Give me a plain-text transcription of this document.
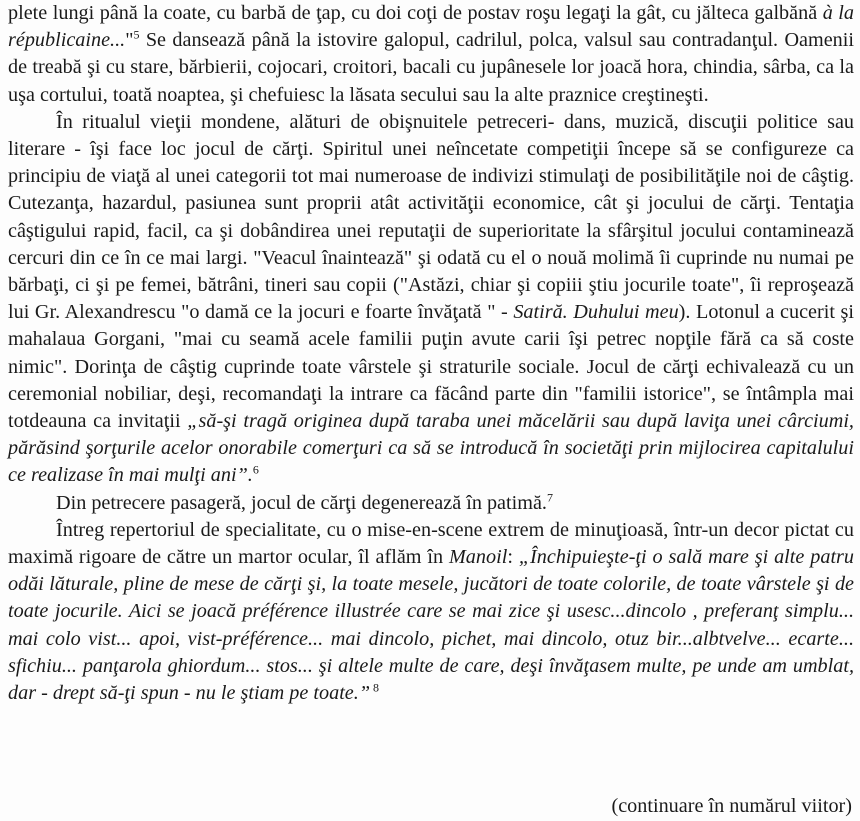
plete lungi până la coate, cu barbă de ţap, cu doi coţi de postav roşu legaţi la gât, cu jălteca galbănă à la républicaine..."$^5$ Se dansează până la istovire galopul, cadrilul, polca, valsul sau contradanţul. Oamenii de treabă şi cu stare, bărbierii, cojocari, croitori, bacali cu jupânesele lor joacă hora, chindia, sârba, ca la uşa cortului, toată noaptea, şi chefuiesc la lăsata secului sau la alte praznice creştineşti.

În ritualul vieţii mondene, alături de obişnuitele petreceri- dans, muzică, discuţii politice sau literare - îşi face loc jocul de cărţi. Spiritul unei neîncetate competiţii începe să se configureze ca principiu de viaţă al unei categorii tot mai numeroase de indivizi stimulaţi de posibilităţile noi de câştig. Cutezanţa, hazardul, pasiunea sunt proprii atât activităţii economice, cât şi jocului de cărţi. Tentaţia câştigului rapid, facil, ca şi dobândirea unei reputaţii de superioritate la sfârşitul jocului contaminează cercuri din ce în ce mai largi. "Veacul înaintează" şi odată cu el o nouă molimă îi cuprinde nu numai pe bărbaţi, ci şi pe femei, bătrâni, tineri sau copii ("Astăzi, chiar şi copiii ştiu jocurile toate", îi reproşează lui Gr. Alexandrescu "o damă ce la jocuri e foarte învăţată " - Satiră. Duhului meu). Lotonul a cucerit şi mahalaua Gorgani, "mai cu seamă acele familii puţin avute carii îşi petrec nopţile fără ca să coste nimic". Dorinţa de câştig cuprinde toate vârstele şi straturile sociale. Jocul de cărţi echivalează cu un ceremonial nobiliar, deşi, recomandaţi la intrare ca făcând parte din "familii istorice", se întâmpla mai totdeauna ca invitaţii „să-şi tragă originea după taraba unei măcelării sau după laviţa unei cârciumi, părăsind şorţurile acelor onorabile comerţuri ca să se introducă în societăţi prin mijlocirea capitalului ce realizase în mai mulţi ani”.$^6$

Din petrecere pasageră, jocul de cărţi degenerează în patimă.$^7$

Întreg repertoriul de specialitate, cu o mise-en-scene extrem de minuţioasă, într-un decor pictat cu maximă rigoare de către un martor ocular, îl aflăm în Manoil: „Închipuieşte-ţi o sală mare şi alte patru odăi lăturale, pline de mese de cărţi şi, la toate mesele, jucători de toate colorile, de toate vârstele şi de toate jocurile. Aici se joacă préférence illustrée care se mai zice şi usesc...dincolo , preferanţ simplu... mai colo vist... apoi, vist-préférence... mai dincolo, pichet, mai dincolo, otuz bir...albtvelve... ecarte... sfichiu... panţarola ghiordum... stos... şi altele multe de care, deşi învăţasem multe, pe unde am umblat, dar - drept să-ţi spun - nu le ştiam pe toate.” $^8$

(continuare în numărul viitor)
